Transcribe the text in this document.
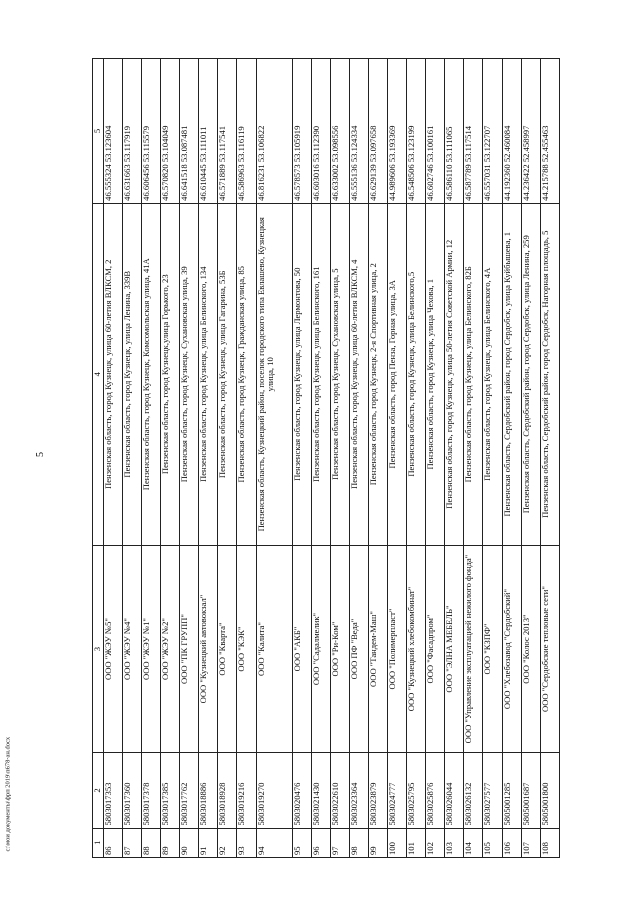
5
1	2	3	4	5
86	5803017353	ООО "ЖЭУ №5"	Пензенская область, город Кузнецк, улица 60-летия ВЛКСМ, 2	46.555324 53.123604
87	5803017360	ООО "ЖЭУ №4"	Пензенская область, город Кузнецк, улица Ленина, 339В	46.631663 53.117919
88	5803017378	ООО "ЖЭУ №1"	Пензенская область, город Кузнецк, Комсомольская улица, 41А	46.606456 53.115579
89	5803017385	ООО "ЖЭУ №2"	Пензенская область, город Кузнецк,улица Горького, 23	46.570820 53.104049
90	5803017762	ООО "ПК ГРУПП"	Пензенская область, город Кузнецк, Сухановская улица, 39	46.641518 53.087481
91	5803018886	ООО "Кузнецкий автовокзал"	Пензенская область, город Кузнецк, улица Белинского, 134	46.610445 53.111011
92	5803018928	ООО "Кварта"	Пензенская область, город Кузнецк, улица Гагарина, 53Б	46.571889 53.117541
93	5803019216	ООО "КЭК"	Пензенская область, город Кузнецк, Гражданская улица, 85	46.586963 53.116119
94	5803019270	ООО "Калита"	Пензенская область, Кузнецкий район, поселок городского типа Евлашево, Кузнецкая улица, 10	46.816231 53.106822
95	5803020476	ООО "АКБ"	Пензенская область, город Кузнецк, улица Лермонтова, 50	46.578573 53.105919
96	5803021430	ООО "Садалмелик"	Пензенская область, город Кузнецк, улица Белинского, 161	46.603016 53.112390
97	5803022610	ООО "Ри-Ком"	Пензенская область, город Кузнецк, Сухановская улица, 5	46.633002 53.098556
98	5803023364	ООО ПФ "Веда"	Пензенская область, город Кузнецк, улица 60-летия ВЛКСМ, 4	46.555136 53.124334
99	5803023879	ООО "Тандем-Маш"	Пензенская область, город Кузнецк, 2-я Спортивная улица, 2	46.629139 53.097658
100	5803024777	ООО "Полимерпласт"	Пензенская область, город Пенза, Горная улица, 3А	44.989606 53.193369
101	5803025795	ООО "Кузнецкий хлебокомбинат"	Пензенская область, город Кузнецк, улица Белинского,5	46.548506 53.123199
102	5803025876	ООО "Фасадпром"	Пензенская область, город Кузнецк, улица Чехова, 1	46.602746 53.100161
103	5803026044	ООО "ЭЛНА МЕБЕЛЬ"	Пензенская область, город Кузнецк, улица 50-летия Советской Армии, 12	46.586110 53.111065
104	5803026132	ООО "Управление эксплуатацией нежилого фонда"	Пензенская область, город Кузнецк, улица Белинского, 82Б	46.587789 53.117514
105	5803027577	ООО "КЗПФ"	Пензенская область, город Кузнецк, улица Белинского, 4А	46.557031 53.122707
106	5805001285	ООО "Хлебозавод "Сердобский"	Пензенская область, Сердобский район, город Сердобск, улица Куйбышева, 1	44.192360 52.460084
107	5805001687	ООО "Колос 2013"	Пензенская область, Сердобский район, город Сердобск, улица Ленина, 259	44.236422 52.458997
108	5805001800	ООО "Сердобские тепловые сети"	Пензенская область, Сердобский район, город Сердобск, Нагорная площадь, 5	44.215788 52.455463
c:\мои документы\фрп 2019\п678-ан.docx
